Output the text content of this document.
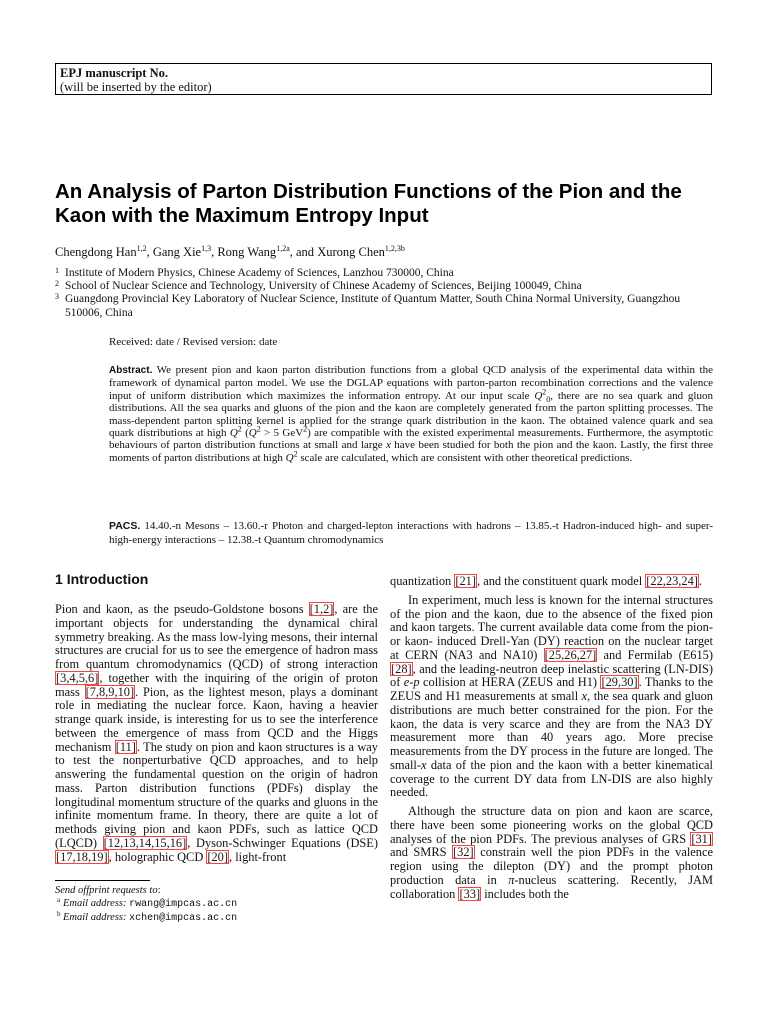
EPJ manuscript No.
(will be inserted by the editor)
An Analysis of Parton Distribution Functions of the Pion and the Kaon with the Maximum Entropy Input
Chengdong Han$^{1,2}$, Gang Xie$^{1,3}$, Rong Wang$^{1,2a}$, and Xurong Chen$^{1,2,3b}$
1 Institute of Modern Physics, Chinese Academy of Sciences, Lanzhou 730000, China
2 School of Nuclear Science and Technology, University of Chinese Academy of Sciences, Beijing 100049, China
3 Guangdong Provincial Key Laboratory of Nuclear Science, Institute of Quantum Matter, South China Normal University, Guangzhou 510006, China
Received: date / Revised version: date
Abstract. We present pion and kaon parton distribution functions from a global QCD analysis of the experimental data within the framework of dynamical parton model. We use the DGLAP equations with parton-parton recombination corrections and the valence input of uniform distribution which maximizes the information entropy. At our input scale $Q^2_0$, there are no sea quark and gluon distributions. All the sea quarks and gluons of the pion and the kaon are completely generated from the parton splitting processes. The mass-dependent parton splitting kernel is applied for the strange quark distribution in the kaon. The obtained valence quark and sea quark distributions at high $Q^2$ ($Q^2 > 5$ GeV$^2$) are compatible with the existed experimental measurements. Furthermore, the asymptotic behaviours of parton distribution functions at small and large x have been studied for both the pion and the kaon. Lastly, the first three moments of parton distributions at high $Q^2$ scale are calculated, which are consistent with other theoretical predictions.
PACS. 14.40.-n Mesons – 13.60.-r Photon and charged-lepton interactions with hadrons – 13.85.-t Hadron-induced high- and super-high-energy interactions – 12.38.-t Quantum chromodynamics
1 Introduction

Pion and kaon, as the pseudo-Goldstone bosons [1,2], are the important objects for understanding the dynamical chiral symmetry breaking. As the mass low-lying mesons, their internal structures are crucial for us to see the emergence of hadron mass from quantum chromodynamics (QCD) of strong interaction [3,4,5,6], together with the inquiring of the origin of proton mass [7,8,9,10]. Pion, as the lightest meson, plays a dominant role in mediating the nuclear force. Kaon, having a heavier strange quark inside, is interesting for us to see the interference between the emergence of mass from QCD and the Higgs mechanism [11]. The study on pion and kaon structures is a way to test the nonperturbative QCD approaches, and to help answering the fundamental question on the origin of hadron mass. Parton distribution functions (PDFs) display the longitudinal momentum structure of the quarks and gluons in the infinite momentum frame. In theory, there are quite a lot of methods giving pion and kaon PDFs, such as lattice QCD (LQCD) [12,13,14,15,16], Dyson-Schwinger Equations (DSE) [17,18,19], holographic QCD [20], light-front

Send offprint requests to:
a Email address: rwang@impcas.ac.cn
b Email address: xchen@impcas.ac.cn

quantization [21], and the constituent quark model [22,23,24].

In experiment, much less is known for the internal structures of the pion and the kaon, due to the absence of the fixed pion and kaon targets. The current available data come from the pion- or kaon- induced Drell-Yan (DY) reaction on the nuclear target at CERN (NA3 and NA10) [25,26,27] and Fermilab (E615) [28], and the leading-neutron deep inelastic scattering (LN-DIS) of e-p collision at HERA (ZEUS and H1) [29,30]. Thanks to the ZEUS and H1 measurements at small x, the sea quark and gluon distributions are much better constrained for the pion. For the kaon, the data is very scarce and they are from the NA3 DY measurement more than 40 years ago. More precise measurements from the DY process in the future are longed. The small-x data of the pion and the kaon with a better kinematical coverage to the current DY data from LN-DIS are also highly needed.

Although the structure data on pion and kaon are scarce, there have been some pioneering works on the global QCD analyses of the pion PDFs. The previous analyses of GRS [31] and SMRS [32] constrain well the pion PDFs in the valence region using the dilepton (DY) and the prompt photon production data in π-nucleus scattering. Recently, JAM collaboration [33] includes both the
